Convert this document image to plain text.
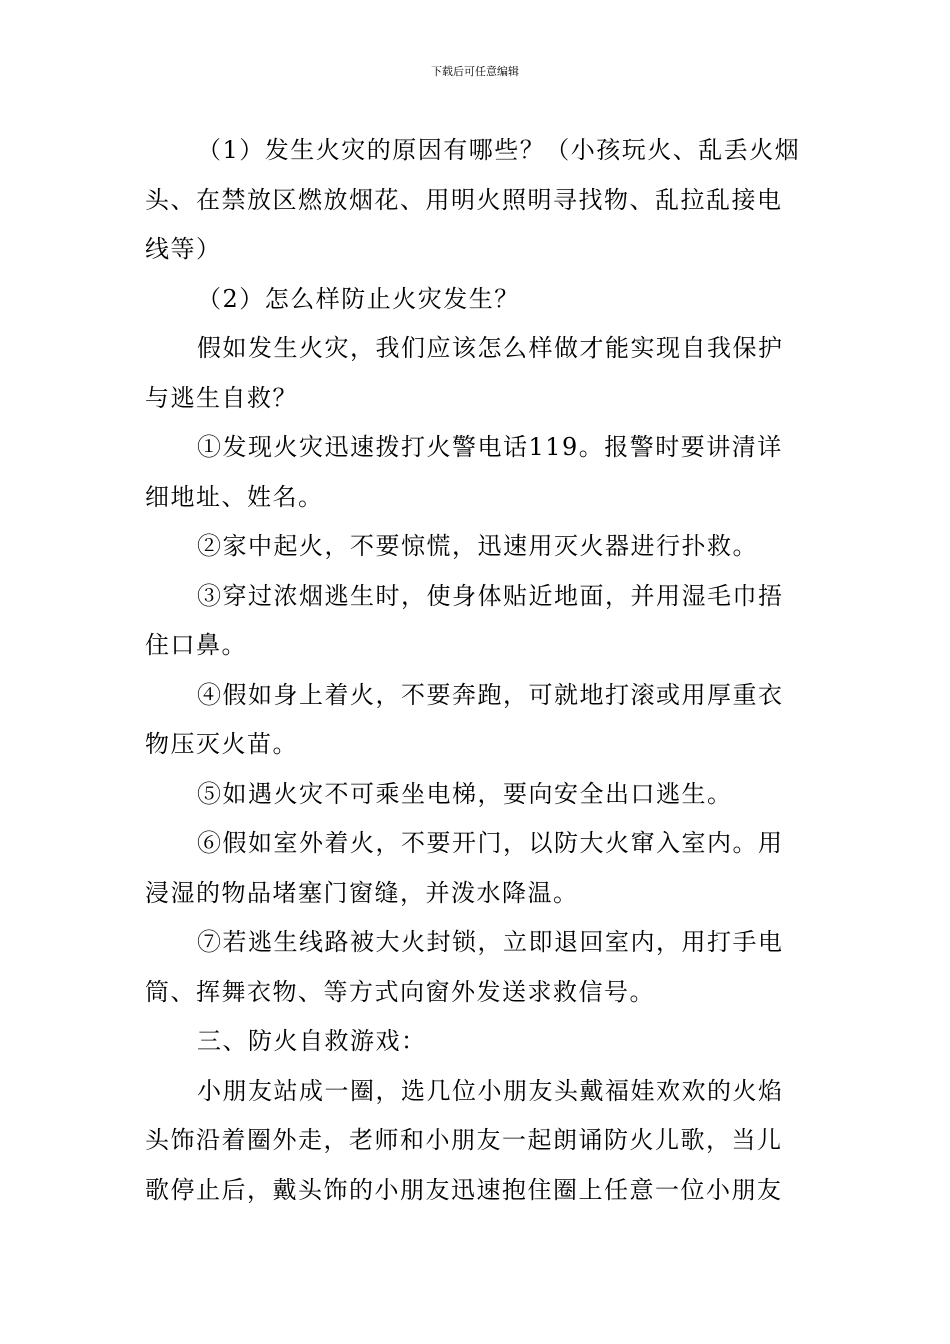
下载后可任意编辑

（1）发生火灾的原因有哪些？（小孩玩火、乱丢火烟头、在禁放区燃放烟花、用明火照明寻找物、乱拉乱接电线等）

（2）怎么样防止火灾发生？

假如发生火灾，我们应该怎么样做才能实现自我保护与逃生自救？

①发现火灾迅速拨打火警电话119。报警时要讲清详细地址、姓名。

②家中起火，不要惊慌，迅速用灭火器进行扑救。

③穿过浓烟逃生时，使身体贴近地面，并用湿毛巾捂住口鼻。

④假如身上着火，不要奔跑，可就地打滚或用厚重衣物压灭火苗。

⑤如遇火灾不可乘坐电梯，要向安全出口逃生。

⑥假如室外着火，不要开门，以防大火窜入室内。用浸湿的物品堵塞门窗缝，并泼水降温。

⑦若逃生线路被大火封锁，立即退回室内，用打手电筒、挥舞衣物、等方式向窗外发送求救信号。

三、防火自救游戏：

小朋友站成一圈，选几位小朋友头戴福娃欢欢的火焰头饰沿着圈外走，老师和小朋友一起朗诵防火儿歌，当儿歌停止后，戴头饰的小朋友迅速抱住圈上任意一位小朋友
